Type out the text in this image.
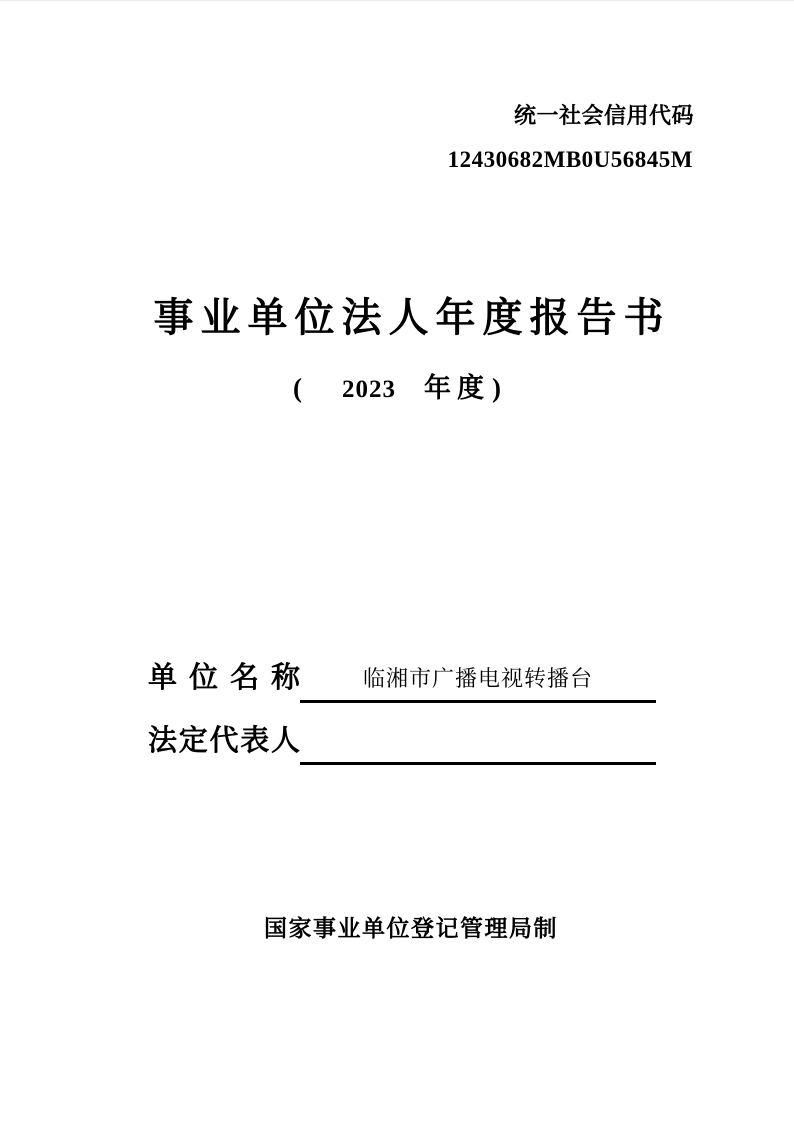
统一社会信用代码
12430682MB0U56845M
事业单位法人年度报告书
( 2023 年度)
单位名称	临湘市广播电视转播台
法定代表人
国家事业单位登记管理局制
